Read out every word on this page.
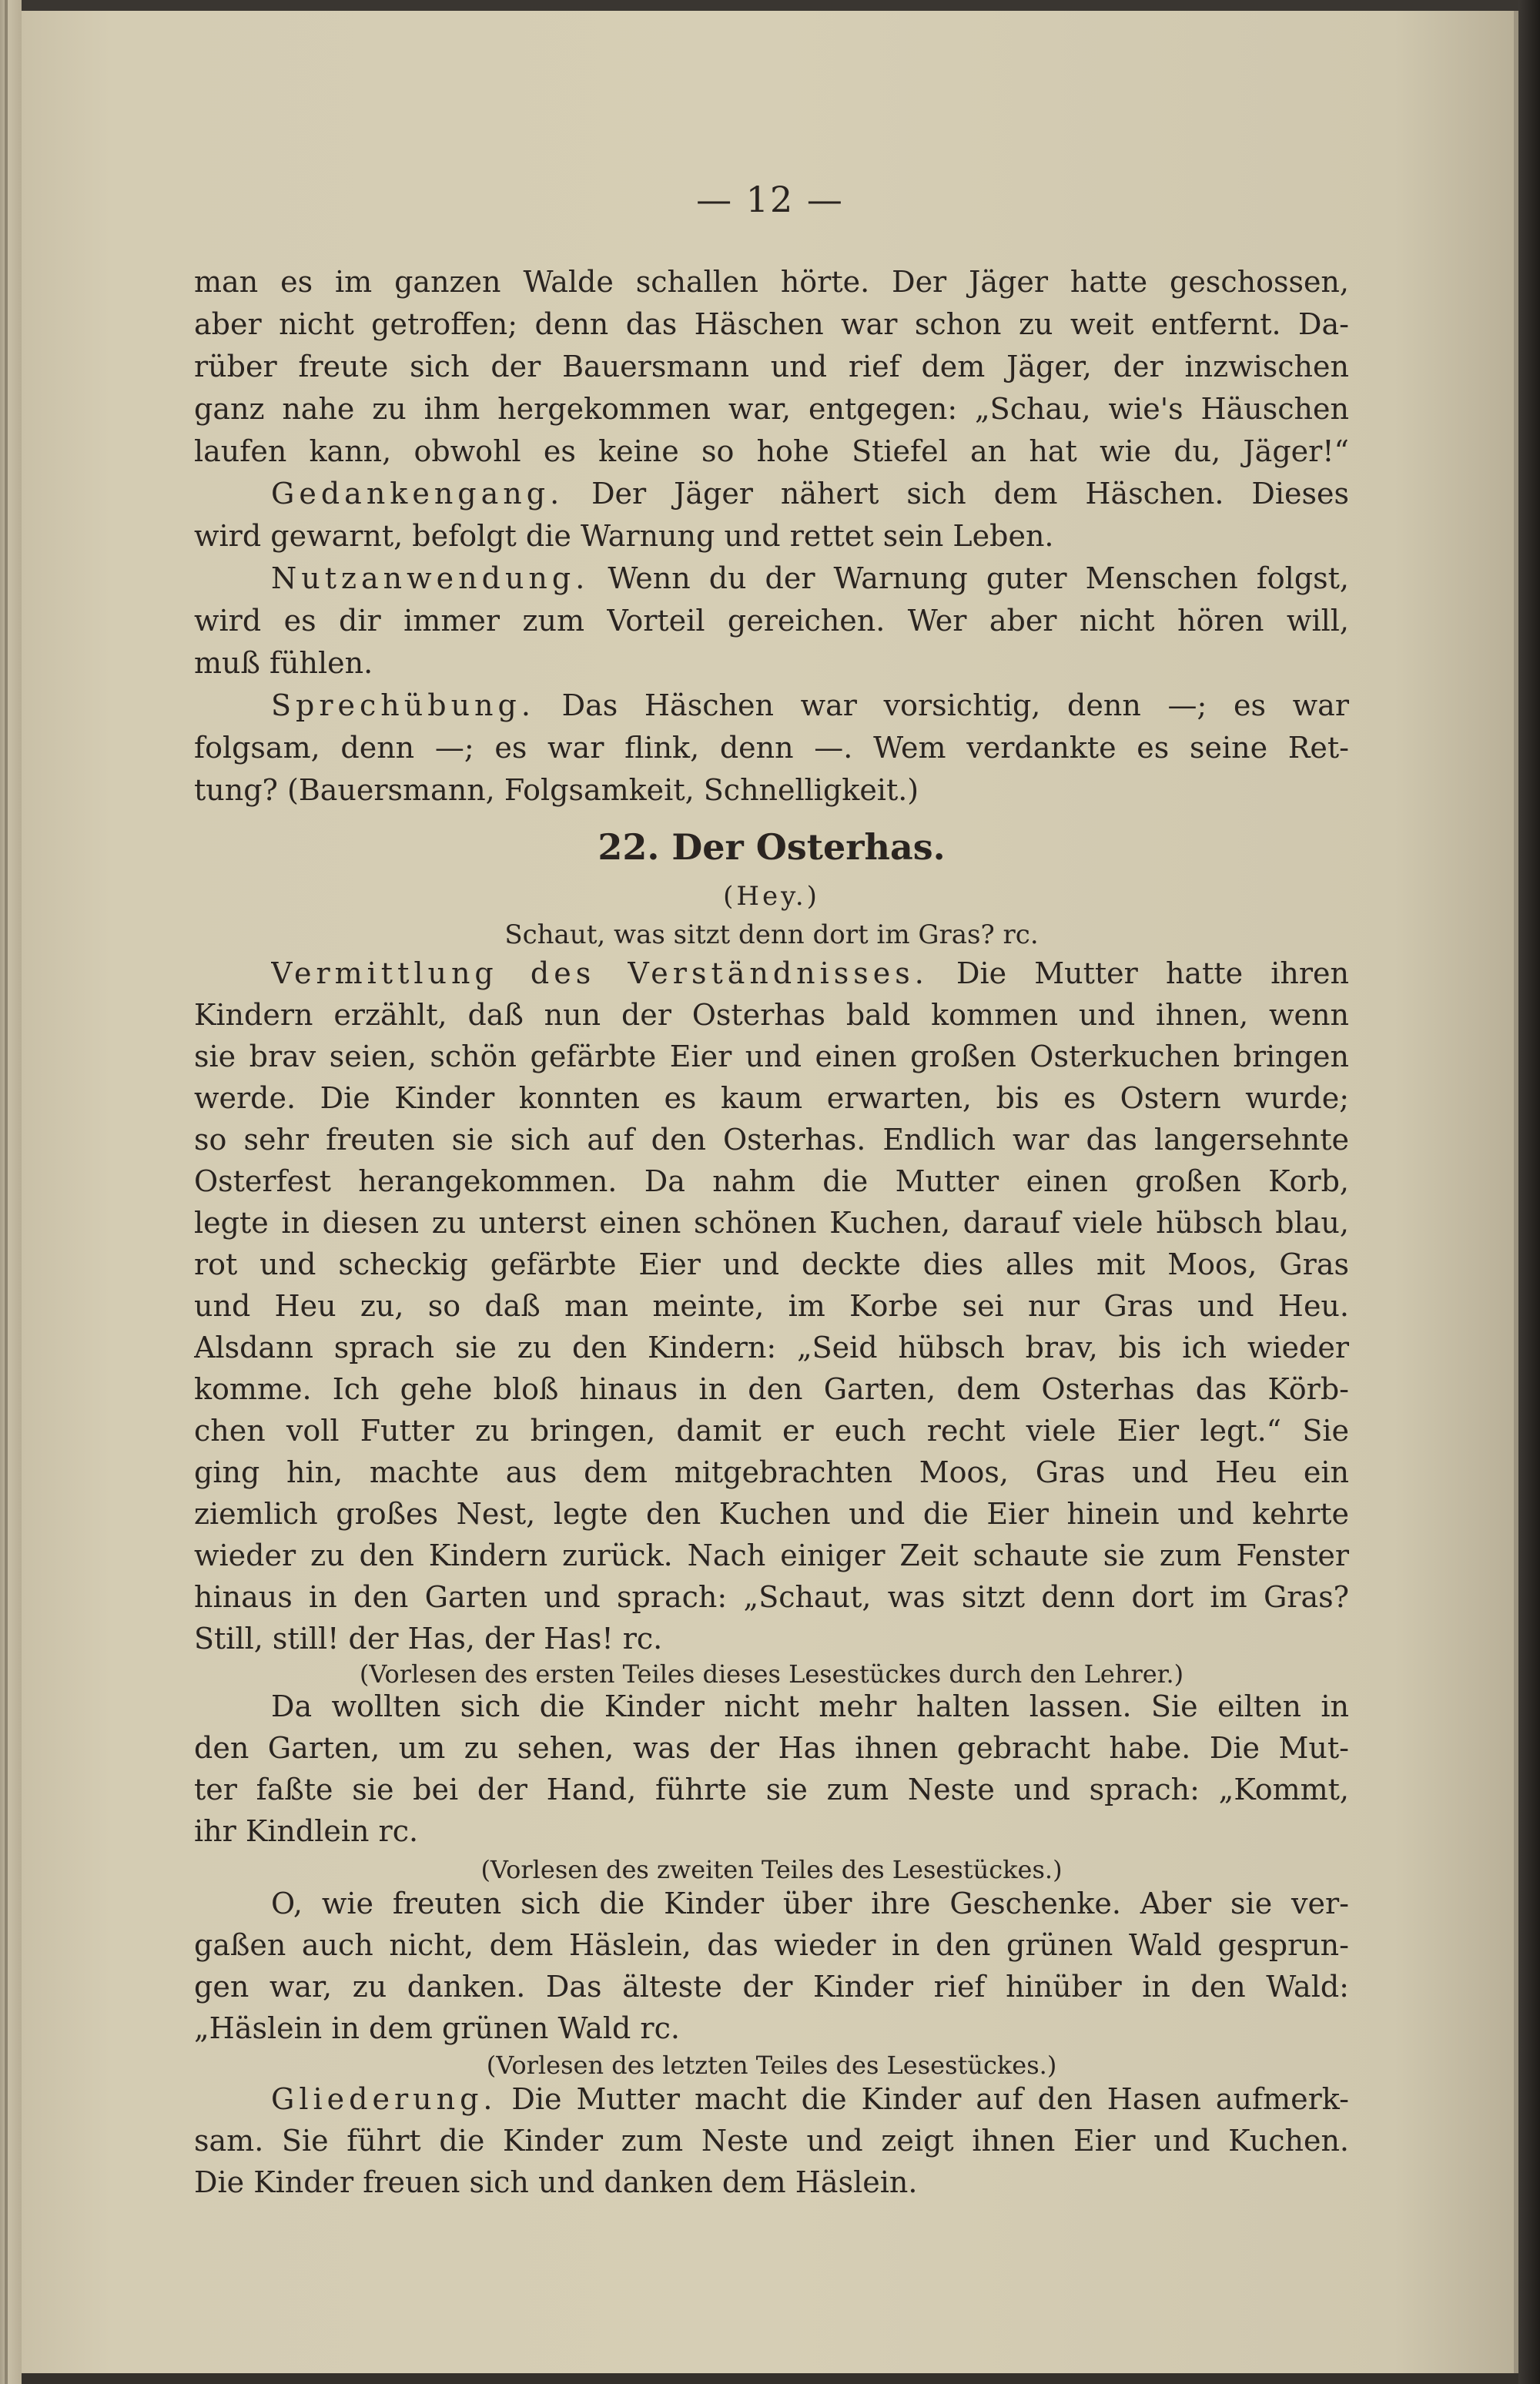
— 12 —
man es im ganzen Walde schallen hörte. Der Jäger hatte geschossen,
aber nicht getroffen; denn das Häschen war schon zu weit entfernt. Da-
rüber freute sich der Bauersmann und rief dem Jäger, der inzwischen
ganz nahe zu ihm hergekommen war, entgegen: „Schau, wie's Häuschen
laufen kann, obwohl es keine so hohe Stiefel an hat wie du, Jäger!“
Gedankengang. Der Jäger nähert sich dem Häschen. Dieses
wird gewarnt, befolgt die Warnung und rettet sein Leben.
Nutzanwendung. Wenn du der Warnung guter Menschen folgst,
wird es dir immer zum Vorteil gereichen. Wer aber nicht hören will,
muß fühlen.
Sprechübung. Das Häschen war vorsichtig, denn —; es war
folgsam, denn —; es war flink, denn —. Wem verdankte es seine Ret-
tung? (Bauersmann, Folgsamkeit, Schnelligkeit.)
22. Der Osterhas.
(Hey.)
Schaut, was sitzt denn dort im Gras? rc.
Vermittlung des Verständnisses. Die Mutter hatte ihren
Kindern erzählt, daß nun der Osterhas bald kommen und ihnen, wenn
sie brav seien, schön gefärbte Eier und einen großen Osterkuchen bringen
werde. Die Kinder konnten es kaum erwarten, bis es Ostern wurde;
so sehr freuten sie sich auf den Osterhas. Endlich war das langersehnte
Osterfest herangekommen. Da nahm die Mutter einen großen Korb,
legte in diesen zu unterst einen schönen Kuchen, darauf viele hübsch blau,
rot und scheckig gefärbte Eier und deckte dies alles mit Moos, Gras
und Heu zu, so daß man meinte, im Korbe sei nur Gras und Heu.
Alsdann sprach sie zu den Kindern: „Seid hübsch brav, bis ich wieder
komme. Ich gehe bloß hinaus in den Garten, dem Osterhas das Körb-
chen voll Futter zu bringen, damit er euch recht viele Eier legt.“ Sie
ging hin, machte aus dem mitgebrachten Moos, Gras und Heu ein
ziemlich großes Nest, legte den Kuchen und die Eier hinein und kehrte
wieder zu den Kindern zurück. Nach einiger Zeit schaute sie zum Fenster
hinaus in den Garten und sprach: „Schaut, was sitzt denn dort im Gras?
Still, still! der Has, der Has! rc.
(Vorlesen des ersten Teiles dieses Lesestückes durch den Lehrer.)
Da wollten sich die Kinder nicht mehr halten lassen. Sie eilten in
den Garten, um zu sehen, was der Has ihnen gebracht habe. Die Mut-
ter faßte sie bei der Hand, führte sie zum Neste und sprach: „Kommt,
ihr Kindlein rc.
(Vorlesen des zweiten Teiles des Lesestückes.)
O, wie freuten sich die Kinder über ihre Geschenke. Aber sie ver-
gaßen auch nicht, dem Häslein, das wieder in den grünen Wald gesprun-
gen war, zu danken. Das älteste der Kinder rief hinüber in den Wald:
„Häslein in dem grünen Wald rc.
(Vorlesen des letzten Teiles des Lesestückes.)
Gliederung. Die Mutter macht die Kinder auf den Hasen aufmerk-
sam. Sie führt die Kinder zum Neste und zeigt ihnen Eier und Kuchen.
Die Kinder freuen sich und danken dem Häslein.
